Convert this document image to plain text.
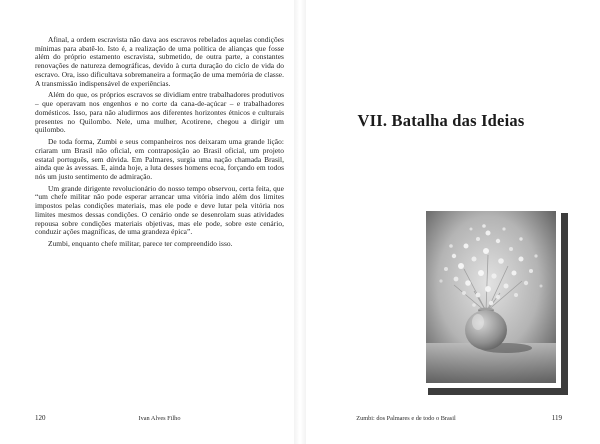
Afinal, a ordem escravista não dava aos escravos rebelados aquelas condições mínimas para abatê-lo. Isto é, a realização de uma política de alianças que fosse além do próprio estamento escravista, submetido, de outra parte, a constantes renovações de natureza demográficas, devido à curta duração do ciclo de vida do escravo. Ora, isso dificultava sobremaneira a formação de uma memória de classe. A transmissão indispensável de experiências.

Além do que, os próprios escravos se dividiam entre trabalhadores produtivos – que operavam nos engenhos e no corte da cana-de-açúcar – e trabalhadores domésticos. Isso, para não aludirmos aos diferentes horizontes étnicos e culturais presentes no Quilombo. Nele, uma mulher, Acotirene, chegou a dirigir um quilombo.

De toda forma, Zumbi e seus companheiros nos deixaram uma grande lição: criaram um Brasil não oficial, em contraposição ao Brasil oficial, um projeto estatal português, sem dúvida. Em Palmares, surgia uma nação chamada Brasil, ainda que às avessas. E, ainda hoje, a luta desses homens ecoa, forçando em todos nós um justo sentimento de admiração.

Um grande dirigente revolucionário do nosso tempo observou, certa feita, que “um chefe militar não pode esperar arrancar uma vitória indo além dos limites impostos pelas condições materiais, mas ele pode e deve lutar pela vitória nos limites mesmos dessas condições. O cenário onde se desenrolam suas atividades repousa sobre condições materiais objetivas, mas ele pode, sobre este cenário, conduzir ações magníficas, de uma grandeza épica”.

Zumbi, enquanto chefe militar, parece ter compreendido isso.

120	Ivan Alves Filho
VII. Batalha das Ideias
Zumbi: dos Palmares e de todo o Brasil	119
